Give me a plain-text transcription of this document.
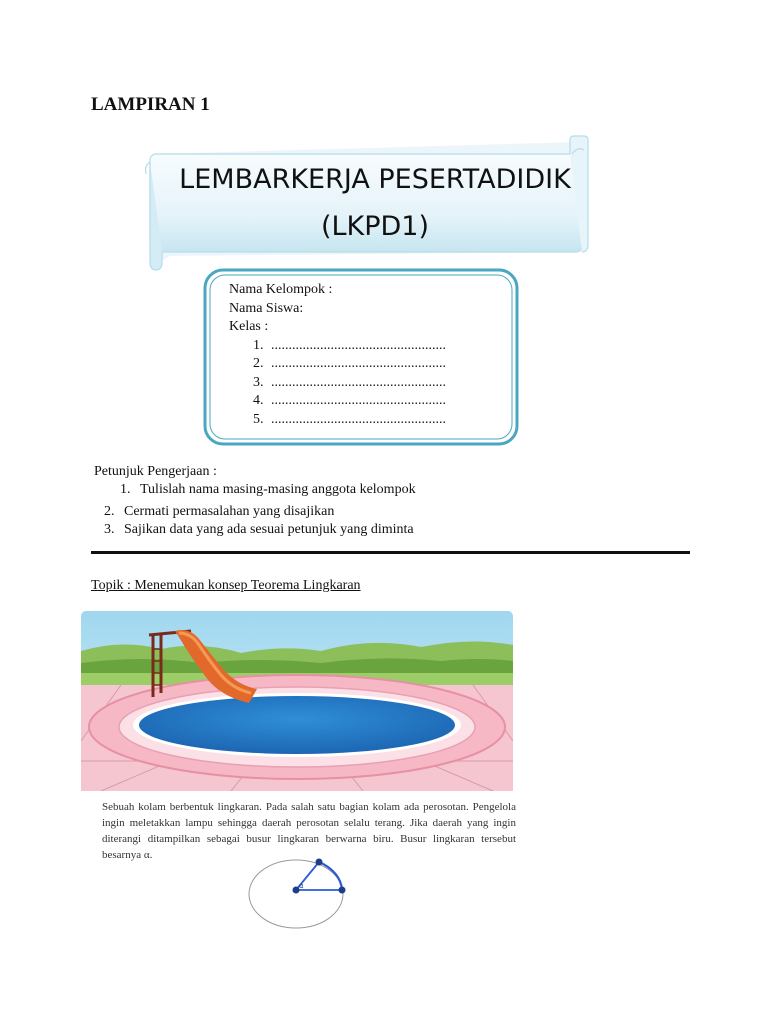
LAMPIRAN 1
LEMBARKERJA PESERTADIDIK
(LKPD1)
Nama Kelompok :
Nama Siswa:
Kelas :
1. ..................................................
2. ..................................................
3. ..................................................
4. ..................................................
5. ..................................................
Petunjuk Pengerjaan :
1. Tulislah nama masing-masing anggota kelompok
2. Cermati permasalahan yang disajikan
3. Sajikan data yang ada sesuai petunjuk yang diminta
Topik : Menemukan konsep Teorema Lingkaran
Sebuah kolam berbentuk lingkaran. Pada salah satu bagian kolam ada perosotan. Pengelola ingin meletakkan lampu sehingga daerah perosotan selalu terang. Jika daerah yang ingin diterangi ditampilkan sebagai busur lingkaran berwarna biru. Busur lingkaran tersebut besarnya α.
α
